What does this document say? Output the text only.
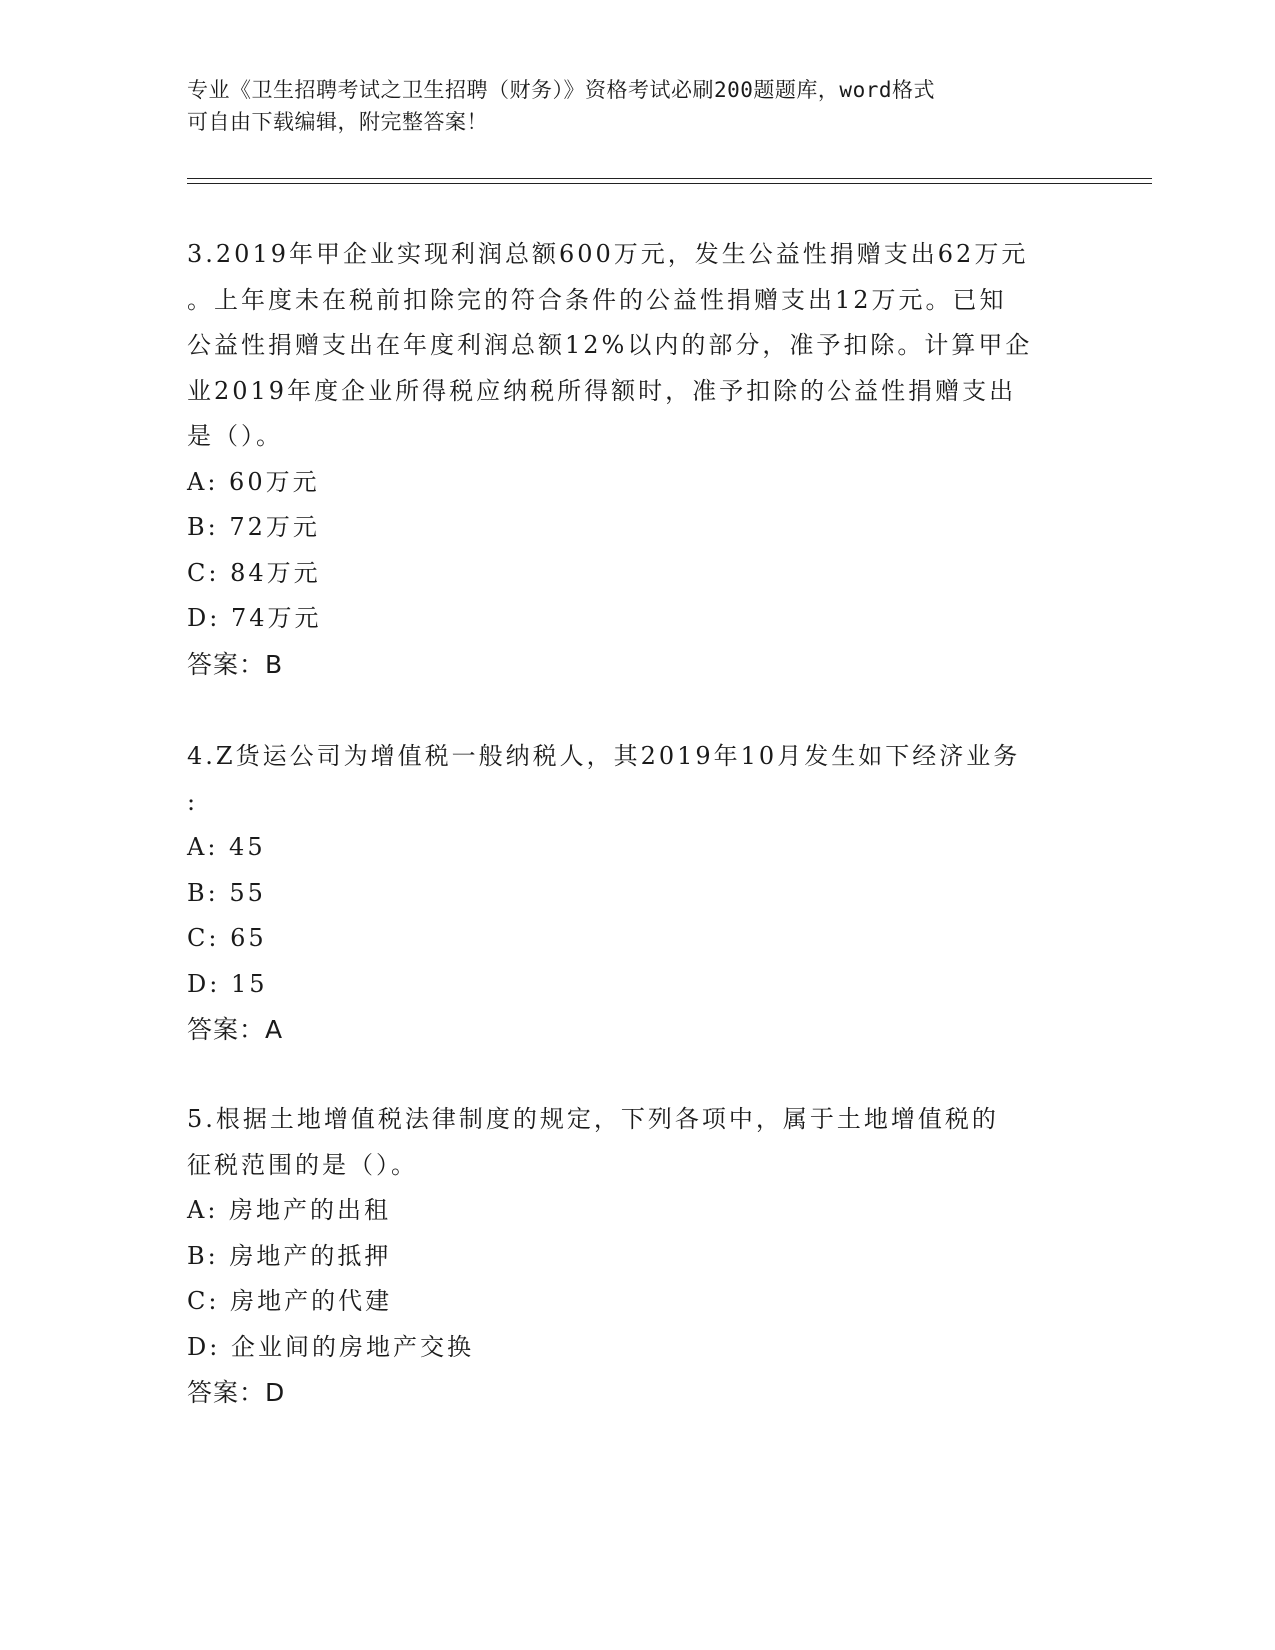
专业《卫生招聘考试之卫生招聘（财务）》资格考试必刷200题题库，word格式
可自由下载编辑，附完整答案！
3.2019年甲企业实现利润总额600万元，发生公益性捐赠支出62万元
。上年度未在税前扣除完的符合条件的公益性捐赠支出12万元。已知
公益性捐赠支出在年度利润总额12%以内的部分，准予扣除。计算甲企
业2019年度企业所得税应纳税所得额时，准予扣除的公益性捐赠支出
是（）。
A: 60万元
B: 72万元
C: 84万元
D: 74万元
答案：B
4.Z货运公司为增值税一般纳税人，其2019年10月发生如下经济业务
:
A: 45
B: 55
C: 65
D: 15
答案：A
5.根据土地增值税法律制度的规定，下列各项中，属于土地增值税的
征税范围的是（）。
A: 房地产的出租
B: 房地产的抵押
C: 房地产的代建
D: 企业间的房地产交换
答案：D
